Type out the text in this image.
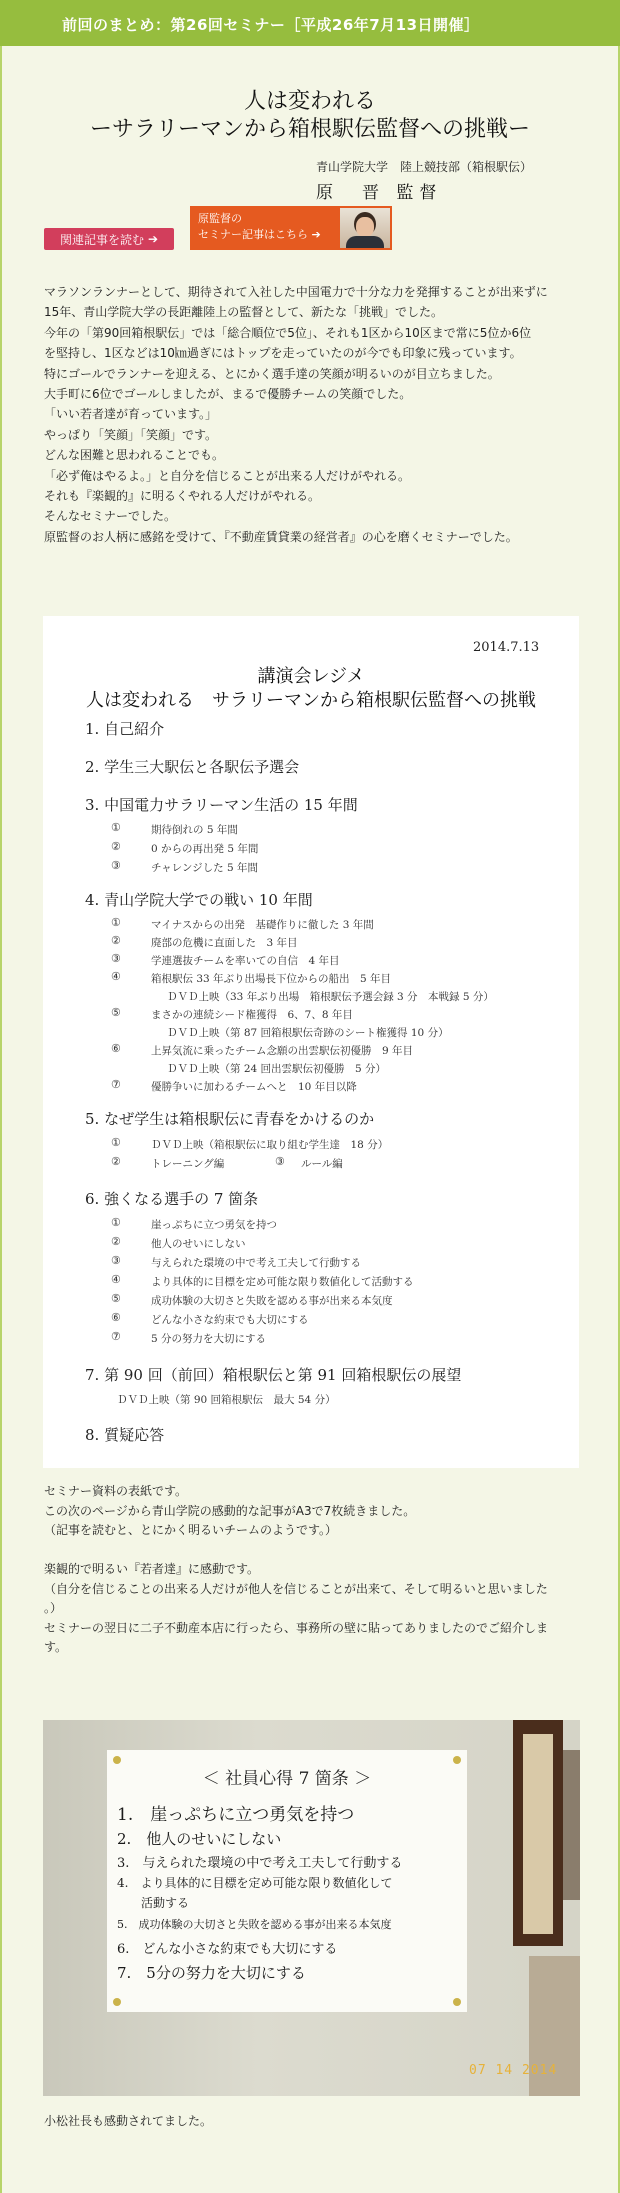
前回のまとめ：第26回セミナー［平成26年7月13日開催］
人は変われる
ーサラリーマンから箱根駅伝監督への挑戦ー
青山学院大学　陸上競技部（箱根駅伝）
原　晋 監督
関連記事を読む ➔
原監督の
セミナー記事はこちら ➔

マラソンランナーとして、期待されて入社した中国電力で十分な力を発揮することが出来ずに

15年、青山学院大学の長距離陸上の監督として、新たな「挑戦」でした。

今年の「第90回箱根駅伝」では「総合順位で5位」、それも1区から10区まで常に5位か6位

を堅持し、1区などは10㎞過ぎにはトップを走っていたのが今でも印象に残っています。

特にゴールでランナーを迎える、とにかく選手達の笑顔が明るいのが目立ちました。

大手町に6位でゴールしましたが、まるで優勝チームの笑顔でした。

「いい若者達が育っています。」

やっぱり「笑顔」「笑顔」です。

どんな困難と思われることでも。

「必ず俺はやるよ。」と自分を信じることが出来る人だけがやれる。

それも『楽観的』に明るくやれる人だけがやれる。

そんなセミナーでした。

原監督のお人柄に感銘を受けて、『不動産賃貸業の経営者』の心を磨くセミナーでした。

2014.7.13
講演会レジメ
人は変われる　サラリーマンから箱根駅伝監督への挑戦
1. 自己紹介
2. 学生三大駅伝と各駅伝予選会
3. 中国電力サラリーマン生活の 15 年間
①	期待倒れの 5 年間
②	0 からの再出発 5 年間
③	チャレンジした 5 年間
4. 青山学院大学での戦い 10 年間
①	マイナスからの出発　基礎作りに徹した 3 年間
②	廃部の危機に直面した　3 年目
③	学連選抜チームを率いての自信　4 年目
④	箱根駅伝 33 年ぶり出場長下位からの船出　5 年目
ＤＶＤ上映（33 年ぶり出場　箱根駅伝予選会録 3 分　本戦録 5 分）
⑤	まさかの連続シード権獲得　6、7、8 年目
ＤＶＤ上映（第 87 回箱根駅伝奇跡のシート権獲得 10 分）
⑥	上昇気流に乗ったチーム念願の出雲駅伝初優勝　9 年目
ＤＶＤ上映（第 24 回出雲駅伝初優勝　5 分）
⑦	優勝争いに加わるチームへと　10 年目以降
5. なぜ学生は箱根駅伝に青春をかけるのか
①	ＤＶＤ上映（箱根駅伝に取り組む学生達　18 分）
②	トレーニング編	③ ルール編
6. 強くなる選手の 7 箇条
①	崖っぷちに立つ勇気を持つ
②	他人のせいにしない
③	与えられた環境の中で考え工夫して行動する
④	より具体的に目標を定め可能な限り数値化して活動する
⑤	成功体験の大切さと失敗を認める事が出来る本気度
⑥	どんな小さな約束でも大切にする
⑦	5 分の努力を大切にする
7. 第 90 回（前回）箱根駅伝と第 91 回箱根駅伝の展望
ＤＶＤ上映（第 90 回箱根駅伝　最大 54 分）
8. 質疑応答

セミナー資料の表紙です。

この次のページから青山学院の感動的な記事がA3で7枚続きました。

（記事を読むと、とにかく明るいチームのようです。）

楽観的で明るい『若者達』に感動です。

（自分を信じることの出来る人だけが他人を信じることが出来て、そして明るいと思いました

。）

セミナーの翌日に二子不動産本店に行ったら、事務所の壁に貼ってありましたのでご紹介しま

す。

＜ 社員心得 7 箇条 ＞
1.　崖っぷちに立つ勇気を持つ
2.　他人のせいにしない
3.　与えられた環境の中で考え工夫して行動する
4.　より具体的に目標を定め可能な限り数値化して
　　活動する
5.　成功体験の大切さと失敗を認める事が出来る本気度
6.　どんな小さな約束でも大切にする
7.　5分の努力を大切にする
07 14 2014
小松社長も感動されてました。
